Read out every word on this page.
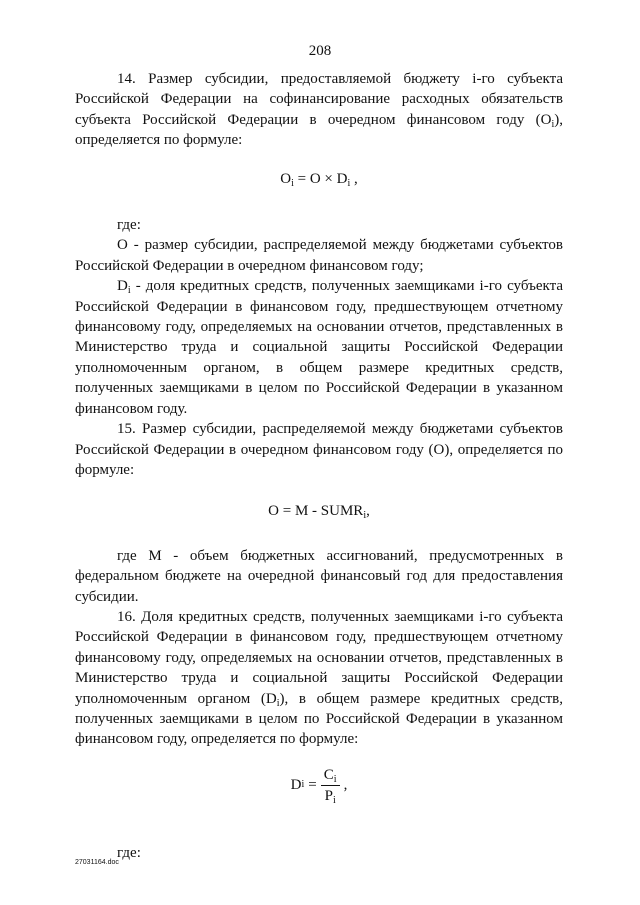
208

14. Размер субсидии, предоставляемой бюджету i-го субъекта Российской Федерации на софинансирование расходных обязательств субъекта Российской Федерации в очередном финансовом году $(O_i)$, определяется по формуле:

$O_i = O \times D_i$ ,

где:

O - размер субсидии, распределяемой между бюджетами субъектов Российской Федерации в очередном финансовом году;

$D_i$ - доля кредитных средств, полученных заемщиками i-го субъекта Российской Федерации в финансовом году, предшествующем отчетному финансовому году, определяемых на основании отчетов, представленных в Министерство труда и социальной защиты Российской Федерации уполномоченным органом, в общем размере кредитных средств, полученных заемщиками в целом по Российской Федерации в указанном финансовом году.

15. Размер субсидии, распределяемой между бюджетами субъектов Российской Федерации в очередном финансовом году (O), определяется по формуле:

$O = M - SUMR_i$,

где M - объем бюджетных ассигнований, предусмотренных в федеральном бюджете на очередной финансовый год для предоставления субсидии.

16. Доля кредитных средств, полученных заемщиками i-го субъекта Российской Федерации в финансовом году, предшествующем отчетному финансовому году, определяемых на основании отчетов, представленных в Министерство труда и социальной защиты Российской Федерации уполномоченным органом $(D_i)$, в общем размере кредитных средств, полученных заемщиками в целом по Российской Федерации в указанном финансовом году, определяется по формуле:

D $i = \frac{C_i}{P_i}$ ,

где:

27031164.doc
